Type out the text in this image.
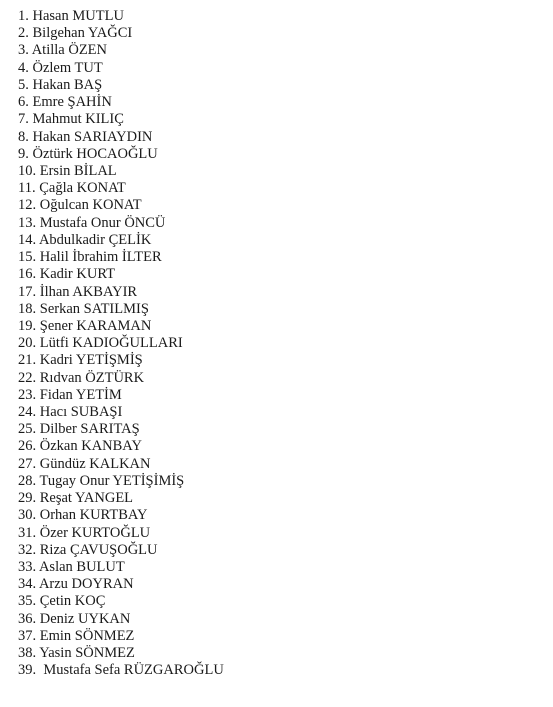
1. Hasan MUTLU
2. Bilgehan YAĞCI
3. Atilla ÖZEN
4. Özlem TUT
5. Hakan BAŞ
6. Emre ŞAHİN
7. Mahmut KILIÇ
8. Hakan SARIAYDIN
9. Öztürk HOCAOĞLU
10. Ersin BİLAL
11. Çağla KONAT
12. Oğulcan KONAT
13. Mustafa Onur ÖNCÜ
14. Abdulkadir ÇELİK
15. Halil İbrahim İLTER
16. Kadir KURT
17. İlhan AKBAYIR
18. Serkan SATILMIŞ
19. Şener KARAMAN
20. Lütfi KADIOĞULLARI
21. Kadri YETİŞMİŞ
22. Rıdvan ÖZTÜRK
23. Fidan YETİM
24. Hacı SUBAŞI
25. Dilber SARITAŞ
26. Özkan KANBAY
27. Gündüz KALKAN
28. Tugay Onur YETİŞİMİŞ
29. Reşat YANGEL
30. Orhan KURTBAY
31. Özer KURTOĞLU
32. Riza ÇAVUŞOĞLU
33. Aslan BULUT
34. Arzu DOYRAN
35. Çetin KOÇ
36. Deniz UYKAN
37. Emin SÖNMEZ
38. Yasin SÖNMEZ
39.  Mustafa Sefa RÜZGAROĞLU
